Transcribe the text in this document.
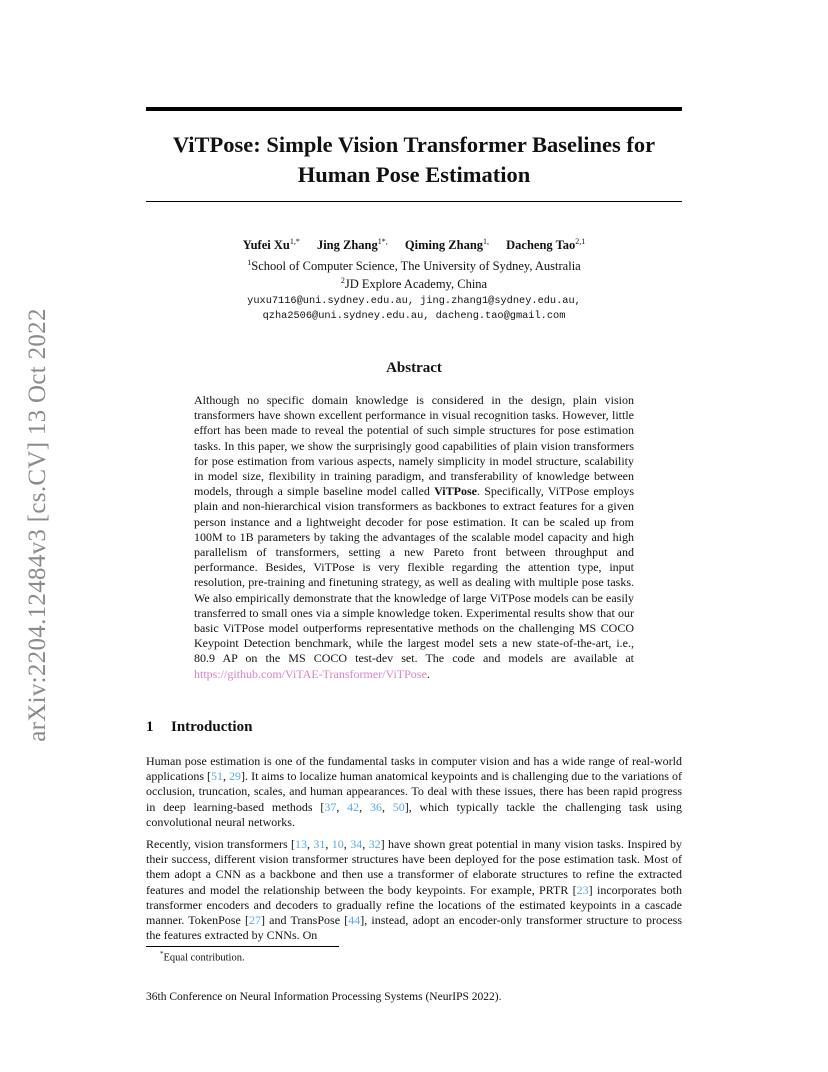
arXiv:2204.12484v3 [cs.CV] 13 Oct 2022
ViTPose: Simple Vision Transformer Baselines for
Human Pose Estimation
Yufei $Xu^{1,*}$ Jing Zhang$^{1*,}$ Qiming Zhang$^{1,}$ Dacheng Tao$^{2,1}$
$^1$School of Computer Science, The University of Sydney, Australia
$^2$JD Explore Academy, China
yuxu7116@uni.sydney.edu.au, jing.zhang1@sydney.edu.au,
qzha2506@uni.sydney.edu.au, dacheng.tao@gmail.com
Abstract

Although no specific domain knowledge is considered in the design, plain vision transformers have shown excellent performance in visual recognition tasks. However, little effort has been made to reveal the potential of such simple structures for pose estimation tasks. In this paper, we show the surprisingly good capabilities of plain vision transformers for pose estimation from various aspects, namely simplicity in model structure, scalability in model size, flexibility in training paradigm, and transferability of knowledge between models, through a simple baseline model called ViTPose. Specifically, ViTPose employs plain and non-hierarchical vision transformers as backbones to extract features for a given person instance and a lightweight decoder for pose estimation. It can be scaled up from 100M to 1B parameters by taking the advantages of the scalable model capacity and high parallelism of transformers, setting a new Pareto front between throughput and performance. Besides, ViTPose is very flexible regarding the attention type, input resolution, pre-training and finetuning strategy, as well as dealing with multiple pose tasks. We also empirically demonstrate that the knowledge of large ViTPose models can be easily transferred to small ones via a simple knowledge token. Experimental results show that our basic ViTPose model outperforms representative methods on the challenging MS COCO Keypoint Detection benchmark, while the largest model sets a new state-of-the-art, i.e., 80.9 AP on the MS COCO test-dev set. The code and models are available at https://github.com/ViTAE-Transformer/ViTPose.

1 Introduction

Human pose estimation is one of the fundamental tasks in computer vision and has a wide range of real-world applications [51, 29]. It aims to localize human anatomical keypoints and is challenging due to the variations of occlusion, truncation, scales, and human appearances. To deal with these issues, there has been rapid progress in deep learning-based methods [37, 42, 36, 50], which typically tackle the challenging task using convolutional neural networks.

Recently, vision transformers [13, 31, 10, 34, 32] have shown great potential in many vision tasks. Inspired by their success, different vision transformer structures have been deployed for the pose estimation task. Most of them adopt a CNN as a backbone and then use a transformer of elaborate structures to refine the extracted features and model the relationship between the body keypoints. For example, PRTR [23] incorporates both transformer encoders and decoders to gradually refine the locations of the estimated keypoints in a cascade manner. TokenPose [27] and TransPose [44], instead, adopt an encoder-only transformer structure to process the features extracted by CNNs. On

*Equal contribution.
36th Conference on Neural Information Processing Systems (NeurIPS 2022).
